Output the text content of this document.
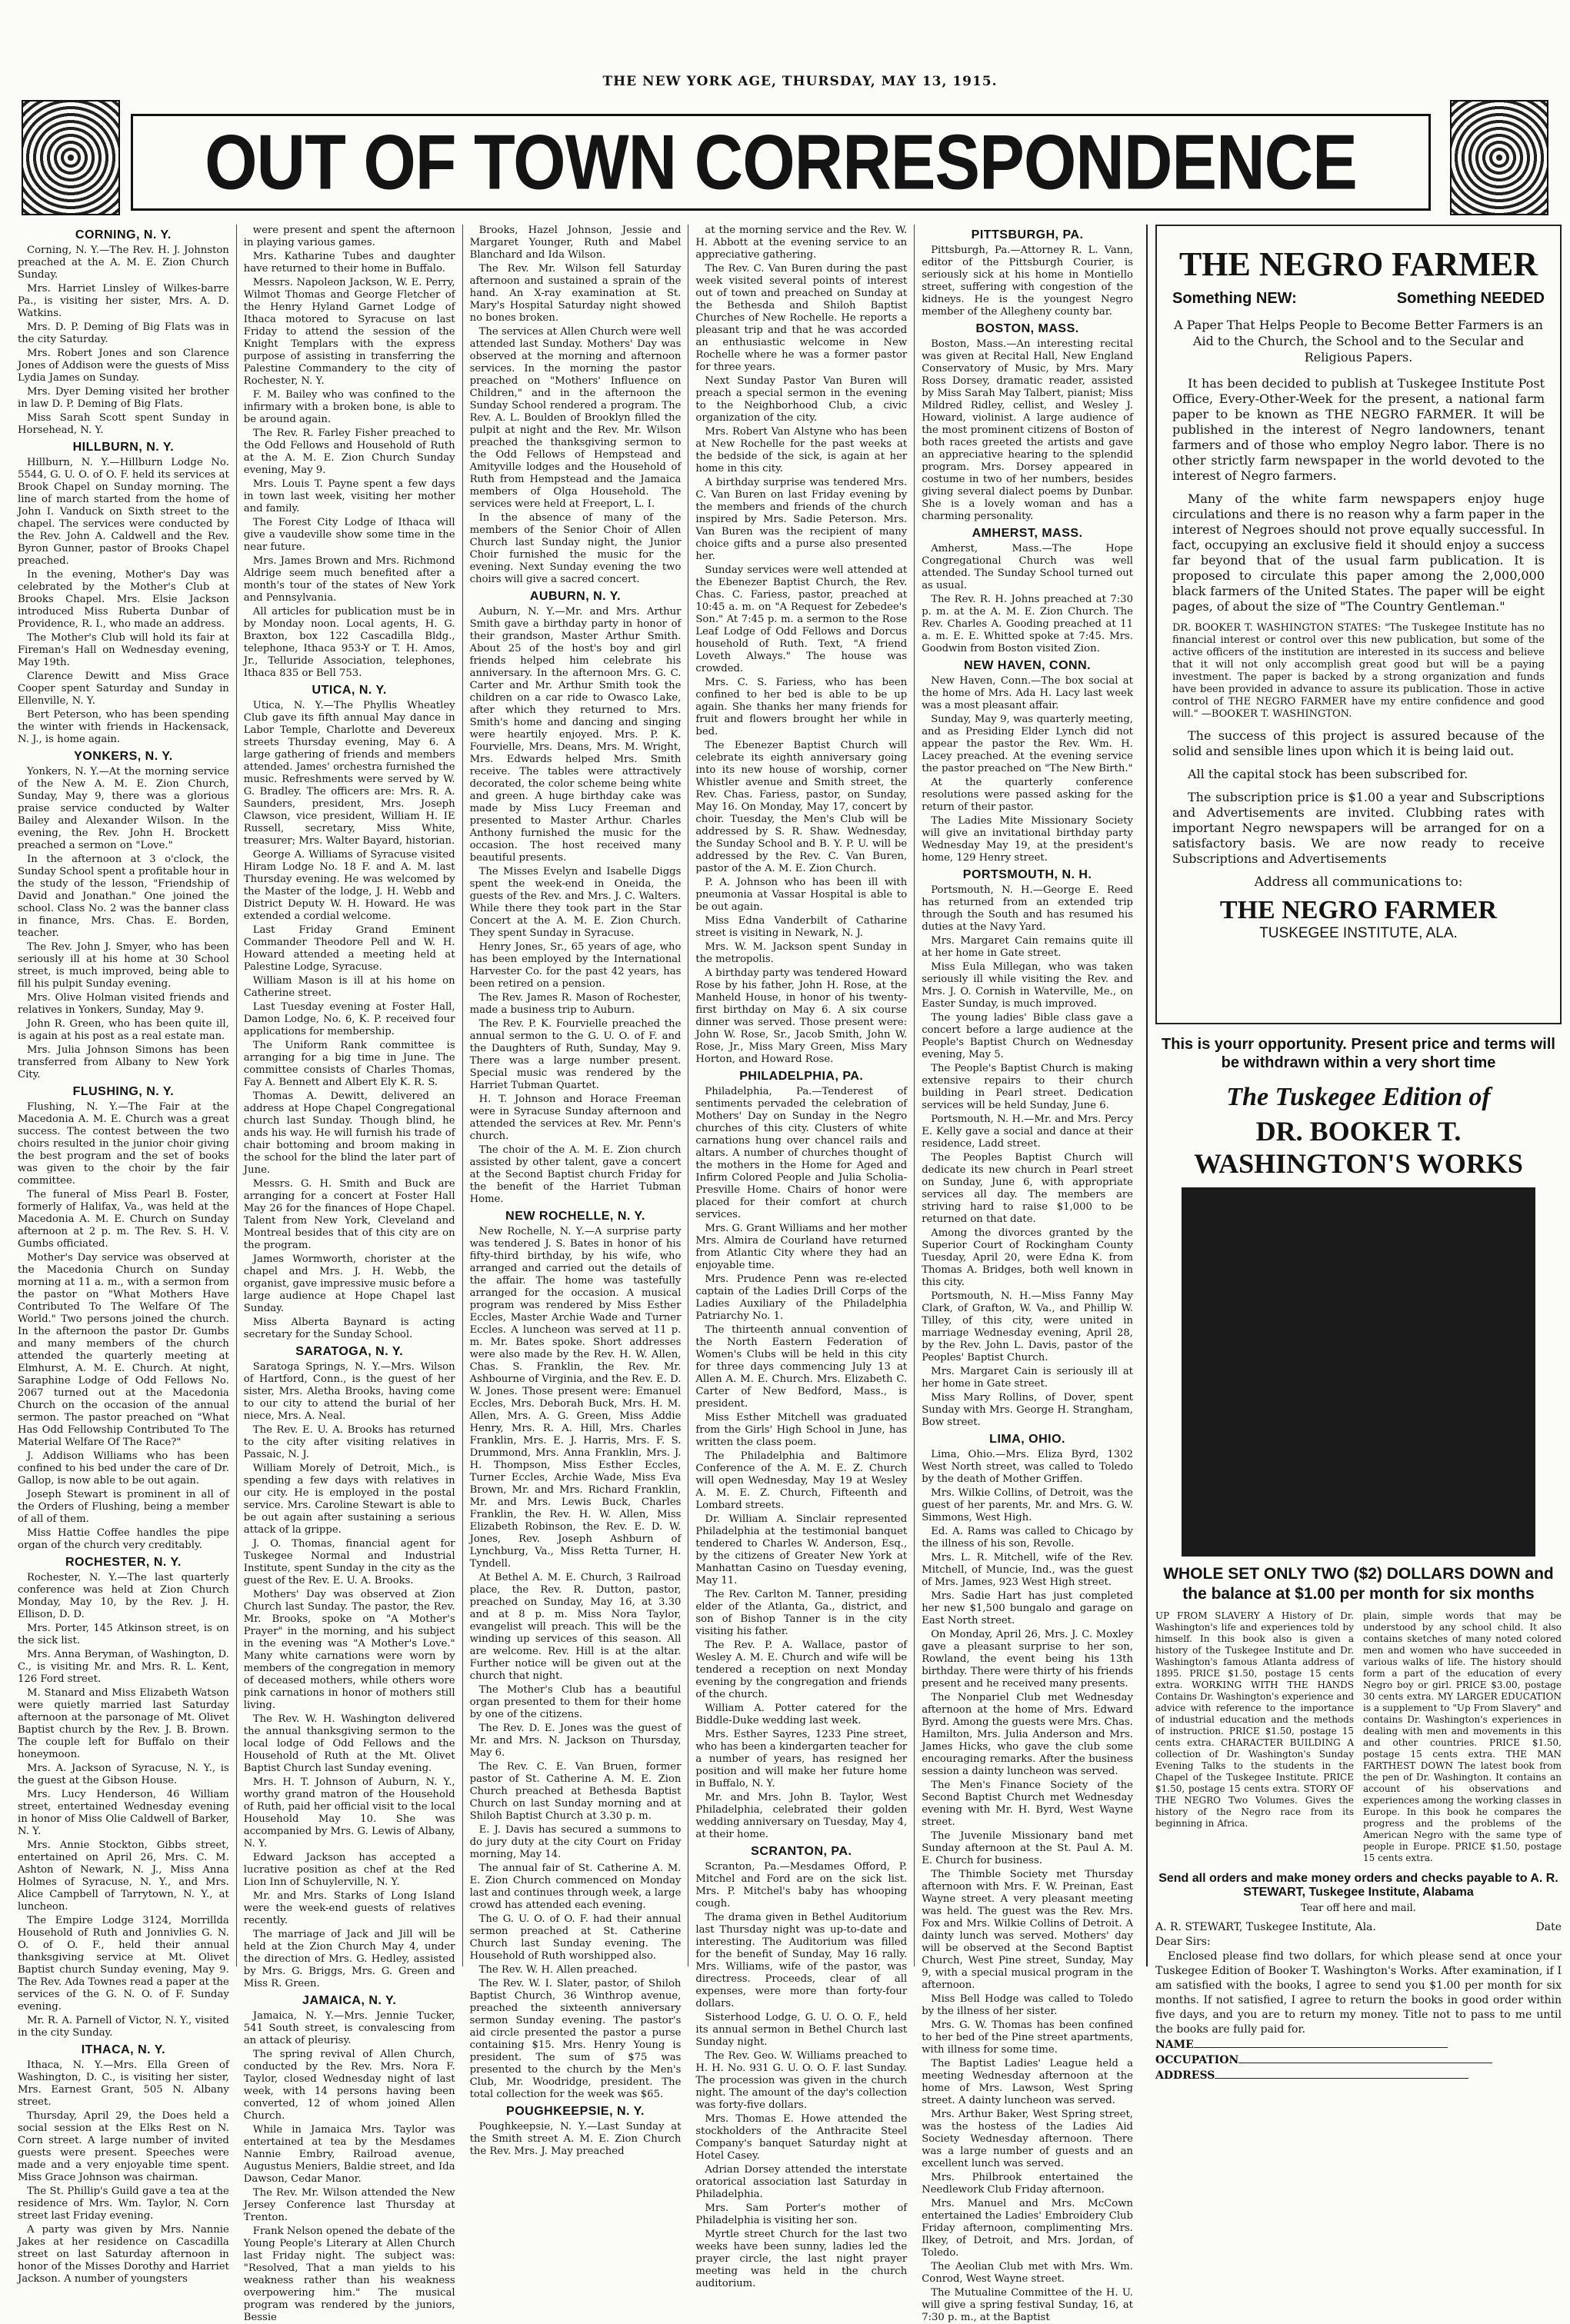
THE NEW YORK AGE, THURSDAY, MAY 13, 1915.
OUT OF TOWN CORRESPONDENCE
CORNING, N. Y.

Corning, N. Y.—The Rev. H. J. Johnston preached at the A. M. E. Zion Church Sunday.

Mrs. Harriet Linsley of Wilkes-barre Pa., is visiting her sister, Mrs. A. D. Watkins.

Mrs. D. P. Deming of Big Flats was in the city Saturday.

Mrs. Robert Jones and son Clarence Jones of Addison were the guests of Miss Lydia James on Sunday.

Mrs. Dyer Deming visited her brother in law D. P. Deming of Big Flats.

Miss Sarah Scott spent Sunday in Horsehead, N. Y.

HILLBURN, N. Y.

Hillburn, N. Y.—Hillburn Lodge No. 5544, G. U. O. of O. F. held its services at Brook Chapel on Sunday morning. The line of march started from the home of John I. Vanduck on Sixth street to the chapel. The services were conducted by the Rev. John A. Caldwell and the Rev. Byron Gunner, pastor of Brooks Chapel preached.

In the evening, Mother's Day was celebrated by the Mother's Club at Brooks Chapel. Mrs. Elsie Jackson introduced Miss Ruberta Dunbar of Providence, R. I., who made an address.

The Mother's Club will hold its fair at Fireman's Hall on Wednesday evening, May 19th.

Clarence Dewitt and Miss Grace Cooper spent Saturday and Sunday in Ellenville, N. Y.

Bert Peterson, who has been spending the winter with friends in Hackensack, N. J., is home again.

YONKERS, N. Y.

Yonkers, N. Y.—At the morning service of the New A. M. E. Zion Church, Sunday, May 9, there was a glorious praise service conducted by Walter Bailey and Alexander Wilson. In the evening, the Rev. John H. Brockett preached a sermon on "Love."

In the afternoon at 3 o'clock, the Sunday School spent a profitable hour in the study of the lesson, "Friendship of David and Jonathan." One joined the school. Class No. 2 was the banner class in finance, Mrs. Chas. E. Borden, teacher.

The Rev. John J. Smyer, who has been seriously ill at his home at 30 School street, is much improved, being able to fill his pulpit Sunday evening.

Mrs. Olive Holman visited friends and relatives in Yonkers, Sunday, May 9.

John R. Green, who has been quite ill, is again at his post as a real estate man.

Mrs. Julia Johnson Simons has been transferred from Albany to New York City.

FLUSHING, N. Y.

Flushing, N. Y.—The Fair at the Macedonia A. M. E. Church was a great success. The contest between the two choirs resulted in the junior choir giving the best program and the set of books was given to the choir by the fair committee.

The funeral of Miss Pearl B. Foster, formerly of Halifax, Va., was held at the Macedonia A. M. E. Church on Sunday afternoon at 2 p. m. The Rev. S. H. V. Gumbs officiated.

Mother's Day service was observed at the Macedonia Church on Sunday morning at 11 a. m., with a sermon from the pastor on "What Mothers Have Contributed To The Welfare Of The World." Two persons joined the church. In the afternoon the pastor Dr. Gumbs and many members of the church attended the quarterly meeting at Elmhurst, A. M. E. Church. At night, Saraphine Lodge of Odd Fellows No. 2067 turned out at the Macedonia Church on the occasion of the annual sermon. The pastor preached on "What Has Odd Fellowship Contributed To The Material Welfare Of The Race?"

J. Addison Williams who has been confined to his bed under the care of Dr. Gallop, is now able to be out again.

Joseph Stewart is prominent in all of the Orders of Flushing, being a member of all of them.

Miss Hattie Coffee handles the pipe organ of the church very creditably.

ROCHESTER, N. Y.

Rochester, N. Y.—The last quarterly conference was held at Zion Church Monday, May 10, by the Rev. J. H. Ellison, D. D.

Mrs. Porter, 145 Atkinson street, is on the sick list.

Mrs. Anna Beryman, of Washington, D. C., is visiting Mr. and Mrs. R. L. Kent, 126 Ford street.

M. Stanard and Miss Elizabeth Watson were quietly married last Saturday afternoon at the parsonage of Mt. Olivet Baptist church by the Rev. J. B. Brown. The couple left for Buffalo on their honeymoon.

Mrs. A. Jackson of Syracuse, N. Y., is the guest at the Gibson House.

Mrs. Lucy Henderson, 46 William street, entertained Wednesday evening in honor of Miss Olie Caldwell of Barker, N. Y.

Mrs. Annie Stockton, Gibbs street, entertained on April 26, Mrs. C. M. Ashton of Newark, N. J., Miss Anna Holmes of Syracuse, N. Y., and Mrs. Alice Campbell of Tarrytown, N. Y., at luncheon.

The Empire Lodge 3124, Morrillda Household of Ruth and Jonnivlies G. N. O. of O. F., held their annual thanksgiving service at Mt. Olivet Baptist church Sunday evening, May 9. The Rev. Ada Townes read a paper at the services of the G. N. O. of F. Sunday evening.

Mr. R. A. Parnell of Victor, N. Y., visited in the city Sunday.

ITHACA, N. Y.

Ithaca, N. Y.—Mrs. Ella Green of Washington, D. C., is visiting her sister, Mrs. Earnest Grant, 505 N. Albany street.

Thursday, April 29, the Does held a social session at the Elks Rest on N. Corn street. A large number of invited guests were present. Speeches were made and a very enjoyable time spent. Miss Grace Johnson was chairman.

The St. Phillip's Guild gave a tea at the residence of Mrs. Wm. Taylor, N. Corn street last Friday evening.

A party was given by Mrs. Nannie Jakes at her residence on Cascadilla street on last Saturday afternoon in honor of the Misses Dorothy and Harriet Jackson. A number of youngsters

were present and spent the afternoon in playing various games.

Mrs. Katharine Tubes and daughter have returned to their home in Buffalo.

Messrs. Napoleon Jackson, W. E. Perry, Wilmot Thomas and George Fletcher of the Henry Hyland Garnet Lodge of Ithaca motored to Syracuse on last Friday to attend the session of the Knight Templars with the express purpose of assisting in transferring the Palestine Commandery to the city of Rochester, N. Y.

F. M. Bailey who was confined to the infirmary with a broken bone, is able to be around again.

The Rev. R. Farley Fisher preached to the Odd Fellows and Household of Ruth at the A. M. E. Zion Church Sunday evening, May 9.

Mrs. Louis T. Payne spent a few days in town last week, visiting her mother and family.

The Forest City Lodge of Ithaca will give a vaudeville show some time in the near future.

Mrs. James Brown and Mrs. Richmond Aldrige seem much benefited after a month's tour of the states of New York and Pennsylvania.

All articles for publication must be in by Monday noon. Local agents, H. G. Braxton, box 122 Cascadilla Bldg., telephone, Ithaca 953-Y or T. H. Amos, Jr., Telluride Association, telephones, Ithaca 835 or Bell 753.

UTICA, N. Y.

Utica, N. Y.—The Phyllis Wheatley Club gave its fifth annual May dance in Labor Temple, Charlotte and Devereux streets Thursday evening, May 6. A large gathering of friends and members attended. James' orchestra furnished the music. Refreshments were served by W. G. Bradley. The officers are: Mrs. R. A. Saunders, president, Mrs. Joseph Clawson, vice president, William H. IE Russell, secretary, Miss White, treasurer; Mrs. Walter Bayard, historian.

George A. Williams of Syracuse visited Hiram Lodge No. 18 F. and A. M. last Thursday evening. He was welcomed by the Master of the lodge, J. H. Webb and District Deputy W. H. Howard. He was extended a cordial welcome.

Last Friday Grand Eminent Commander Theodore Pell and W. H. Howard attended a meeting held at Palestine Lodge, Syracuse.

William Mason is ill at his home on Catherine street.

Last Tuesday evening at Foster Hall, Damon Lodge, No. 6, K. P. received four applications for membership.

The Uniform Rank committee is arranging for a big time in June. The committee consists of Charles Thomas, Fay A. Bennett and Albert Ely K. R. S.

Thomas A. Dewitt, delivered an address at Hope Chapel Congregational church last Sunday. Though blind, he ands his way. He will furnish his trade of chair bottoming and broom making in the school for the blind the later part of June.

Messrs. G. H. Smith and Buck are arranging for a concert at Foster Hall May 26 for the finances of Hope Chapel. Talent from New York, Cleveland and Montreal besides that of this city are on the program.

James Wormworth, chorister at the chapel and Mrs. J. H. Webb, the organist, gave impressive music before a large audience at Hope Chapel last Sunday.

Miss Alberta Baynard is acting secretary for the Sunday School.

SARATOGA, N. Y.

Saratoga Springs, N. Y.—Mrs. Wilson of Hartford, Conn., is the guest of her sister, Mrs. Aletha Brooks, having come to our city to attend the burial of her niece, Mrs. A. Neal.

The Rev. E. U. A. Brooks has returned to the city after visiting relatives in Passaic, N. J.

William Morely of Detroit, Mich., is spending a few days with relatives in our city. He is employed in the postal service. Mrs. Caroline Stewart is able to be out again after sustaining a serious attack of la grippe.

J. O. Thomas, financial agent for Tuskegee Normal and Industrial Institute, spent Sunday in the city as the guest of the Rev. E. U. A. Brooks.

Mothers' Day was observed at Zion Church last Sunday. The pastor, the Rev. Mr. Brooks, spoke on "A Mother's Prayer" in the morning, and his subject in the evening was "A Mother's Love." Many white carnations were worn by members of the congregation in memory of deceased mothers, while others wore pink carnations in honor of mothers still living.

The Rev. W. H. Washington delivered the annual thanksgiving sermon to the local lodge of Odd Fellows and the Household of Ruth at the Mt. Olivet Baptist Church last Sunday evening.

Mrs. H. T. Johnson of Auburn, N. Y., worthy grand matron of the Household of Ruth, paid her official visit to the local Household May 10. She was accompanied by Mrs. G. Lewis of Albany, N. Y.

Edward Jackson has accepted a lucrative position as chef at the Red Lion Inn of Schuylerville, N. Y.

Mr. and Mrs. Starks of Long Island were the week-end guests of relatives recently.

The marriage of Jack and Jill will be held at the Zion Church May 4, under the direction of Mrs. G. Hedley, assisted by Mrs. G. Briggs, Mrs. G. Green and Miss R. Green.

JAMAICA, N. Y.

Jamaica, N. Y.—Mrs. Jennie Tucker, 541 South street, is convalescing from an attack of pleurisy.

The spring revival of Allen Church, conducted by the Rev. Mrs. Nora F. Taylor, closed Wednesday night of last week, with 14 persons having been converted, 12 of whom joined Allen Church.

While in Jamaica Mrs. Taylor was entertained at tea by the Mesdames Nannie Embry, Railroad avenue, Augustus Meniers, Baldie street, and Ida Dawson, Cedar Manor.

The Rev. Mr. Wilson attended the New Jersey Conference last Thursday at Trenton.

Frank Nelson opened the debate of the Young People's Literary at Allen Church last Friday night. The subject was: "Resolved, That a man yields to his weakness rather than his weakness overpowering him." The musical program was rendered by the juniors, Bessie

Brooks, Hazel Johnson, Jessie and Margaret Younger, Ruth and Mabel Blanchard and Ida Wilson.

The Rev. Mr. Wilson fell Saturday afternoon and sustained a sprain of the hand. An X-ray examination at St. Mary's Hospital Saturday night showed no bones broken.

The services at Allen Church were well attended last Sunday. Mothers' Day was observed at the morning and afternoon services. In the morning the pastor preached on "Mothers' Influence on Children," and in the afternoon the Sunday School rendered a program. The Rev. A. L. Boulden of Brooklyn filled the pulpit at night and the Rev. Mr. Wilson preached the thanksgiving sermon to the Odd Fellows of Hempstead and Amityville lodges and the Household of Ruth from Hempstead and the Jamaica members of Olga Household. The services were held at Freeport, L. I.

In the absence of many of the members of the Senior Choir of Allen Church last Sunday night, the Junior Choir furnished the music for the evening. Next Sunday evening the two choirs will give a sacred concert.

AUBURN, N. Y.

Auburn, N. Y.—Mr. and Mrs. Arthur Smith gave a birthday party in honor of their grandson, Master Arthur Smith. About 25 of the host's boy and girl friends helped him celebrate his anniversary. In the afternoon Mrs. G. C. Carter and Mr. Arthur Smith took the children on a car ride to Owasco Lake, after which they returned to Mrs. Smith's home and dancing and singing were heartily enjoyed. Mrs. P. K. Fourvielle, Mrs. Deans, Mrs. M. Wright, Mrs. Edwards helped Mrs. Smith receive. The tables were attractively decorated, the color scheme being white and green. A huge birthday cake was made by Miss Lucy Freeman and presented to Master Arthur. Charles Anthony furnished the music for the occasion. The host received many beautiful presents.

The Misses Evelyn and Isabelle Diggs spent the week-end in Oneida, the guests of the Rev. and Mrs. J. C. Walters. While there they took part in the Star Concert at the A. M. E. Zion Church. They spent Sunday in Syracuse.

Henry Jones, Sr., 65 years of age, who has been employed by the International Harvester Co. for the past 42 years, has been retired on a pension.

The Rev. James R. Mason of Rochester, made a business trip to Auburn.

The Rev. P. K. Fourvielle preached the annual sermon to the G. U. O. of F. and the Daughters of Ruth, Sunday, May 9. There was a large number present. Special music was rendered by the Harriet Tubman Quartet.

H. T. Johnson and Horace Freeman were in Syracuse Sunday afternoon and attended the services at Rev. Mr. Penn's church.

The choir of the A. M. E. Zion church assisted by other talent, gave a concert at the Second Baptist church Friday for the benefit of the Harriet Tubman Home.

NEW ROCHELLE, N. Y.

New Rochelle, N. Y.—A surprise party was tendered J. S. Bates in honor of his fifty-third birthday, by his wife, who arranged and carried out the details of the affair. The home was tastefully arranged for the occasion. A musical program was rendered by Miss Esther Eccles, Master Archie Wade and Turner Eccles. A luncheon was served at 11 p. m. Mr. Bates spoke. Short addresses were also made by the Rev. H. W. Allen, Chas. S. Franklin, the Rev. Mr. Ashbourne of Virginia, and the Rev. E. D. W. Jones. Those present were: Emanuel Eccles, Mrs. Deborah Buck, Mrs. H. M. Allen, Mrs. A. G. Green, Miss Addie Henry, Mrs. R. A. Hill, Mrs. Charles Franklin, Mrs. E. J. Harris, Mrs. F. S. Drummond, Mrs. Anna Franklin, Mrs. J. H. Thompson, Miss Esther Eccles, Turner Eccles, Archie Wade, Miss Eva Brown, Mr. and Mrs. Richard Franklin, Mr. and Mrs. Lewis Buck, Charles Franklin, the Rev. H. W. Allen, Miss Elizabeth Robinson, the Rev. E. D. W. Jones, Rev. Joseph Ashburn of Lynchburg, Va., Miss Retta Turner, H. Tyndell.

At Bethel A. M. E. Church, 3 Railroad place, the Rev. R. Dutton, pastor, preached on Sunday, May 16, at 3.30 and at 8 p. m. Miss Nora Taylor, evangelist will preach. This will be the winding up services of this season. All are welcome. Rev. Hill is at the altar. Further notice will be given out at the church that night.

The Mother's Club has a beautiful organ presented to them for their home by one of the citizens.

The Rev. D. E. Jones was the guest of Mr. and Mrs. N. Jackson on Thursday, May 6.

The Rev. C. E. Van Bruen, former pastor of St. Catherine A. M. E. Zion Church preached at Bethesda Baptist Church on last Sunday morning and at Shiloh Baptist Church at 3.30 p. m.

E. J. Davis has secured a summons to do jury duty at the city Court on Friday morning, May 14.

The annual fair of St. Catherine A. M. E. Zion Church commenced on Monday last and continues through week, a large crowd has attended each evening.

The G. U. O. of O. F. had their annual sermon preached at St. Catherine Church last Sunday evening. The Household of Ruth worshipped also.

The Rev. W. H. Allen preached.

The Rev. W. I. Slater, pastor, of Shiloh Baptist Church, 36 Winthrop avenue, preached the sixteenth anniversary sermon Sunday evening. The pastor's aid circle presented the pastor a purse containing $15. Mrs. Henry Young is president. The sum of $75 was presented to the church by the Men's Club, Mr. Woodridge, president. The total collection for the week was $65.

POUGHKEEPSIE, N. Y.

Poughkeepsie, N. Y.—Last Sunday at the Smith street A. M. E. Zion Church the Rev. Mrs. J. May preached

at the morning service and the Rev. W. H. Abbott at the evening service to an appreciative gathering.

The Rev. C. Van Buren during the past week visited several points of interest out of town and preached on Sunday at the Bethesda and Shiloh Baptist Churches of New Rochelle. He reports a pleasant trip and that he was accorded an enthusiastic welcome in New Rochelle where he was a former pastor for three years.

Next Sunday Pastor Van Buren will preach a special sermon in the evening to the Neighborhood Club, a civic organization of the city.

Mrs. Robert Van Alstyne who has been at New Rochelle for the past weeks at the bedside of the sick, is again at her home in this city.

A birthday surprise was tendered Mrs. C. Van Buren on last Friday evening by the members and friends of the church inspired by Mrs. Sadie Peterson. Mrs. Van Buren was the recipient of many choice gifts and a purse also presented her.

Sunday services were well attended at the Ebenezer Baptist Church, the Rev. Chas. C. Fariess, pastor, preached at 10:45 a. m. on "A Request for Zebedee's Son." At 7:45 p. m. a sermon to the Rose Leaf Lodge of Odd Fellows and Dorcus household of Ruth. Text, "A friend Loveth Always." The house was crowded.

Mrs. C. S. Fariess, who has been confined to her bed is able to be up again. She thanks her many friends for fruit and flowers brought her while in bed.

The Ebenezer Baptist Church will celebrate its eighth anniversary going into its new house of worship, corner Whistler avenue and Smith street, the Rev. Chas. Fariess, pastor, on Sunday, May 16. On Monday, May 17, concert by choir. Tuesday, the Men's Club will be addressed by S. R. Shaw. Wednesday, the Sunday School and B. Y. P. U. will be addressed by the Rev. C. Van Buren, pastor of the A. M. E. Zion Church.

P. A. Johnson who has been ill with pneumonia at Vassar Hospital is able to be out again.

Miss Edna Vanderbilt of Catharine street is visiting in Newark, N. J.

Mrs. W. M. Jackson spent Sunday in the metropolis.

A birthday party was tendered Howard Rose by his father, John H. Rose, at the Manheld House, in honor of his twenty-first birthday on May 6. A six course dinner was served. Those present were: John W. Rose, Sr., Jacob Smith, John W. Rose, Jr., Miss Mary Green, Miss Mary Horton, and Howard Rose.

PHILADELPHIA, PA.

Philadelphia, Pa.—Tenderest of sentiments pervaded the celebration of Mothers' Day on Sunday in the Negro churches of this city. Clusters of white carnations hung over chancel rails and altars. A number of churches thought of the mothers in the Home for Aged and Infirm Colored People and Julia Scholia-Presville Home. Chairs of honor were placed for their comfort at church services.

Mrs. G. Grant Williams and her mother Mrs. Almira de Courland have returned from Atlantic City where they had an enjoyable time.

Mrs. Prudence Penn was re-elected captain of the Ladies Drill Corps of the Ladies Auxiliary of the Philadelphia Patriarchy No. 1.

The thirteenth annual convention of the North Eastern Federation of Women's Clubs will be held in this city for three days commencing July 13 at Allen A. M. E. Church. Mrs. Elizabeth C. Carter of New Bedford, Mass., is president.

Miss Esther Mitchell was graduated from the Girls' High School in June, has written the class poem.

The Philadelphia and Baltimore Conference of the A. M. E. Z. Church will open Wednesday, May 19 at Wesley A. M. E. Z. Church, Fifteenth and Lombard streets.

Dr. William A. Sinclair represented Philadelphia at the testimonial banquet tendered to Charles W. Anderson, Esq., by the citizens of Greater New York at Manhattan Casino on Tuesday evening, May 11.

The Rev. Carlton M. Tanner, presiding elder of the Atlanta, Ga., district, and son of Bishop Tanner is in the city visiting his father.

The Rev. P. A. Wallace, pastor of Wesley A. M. E. Church and wife will be tendered a reception on next Monday evening by the congregation and friends of the church.

William A. Potter catered for the Biddle-Duke wedding last week.

Mrs. Esther Sayres, 1233 Pine street, who has been a kindergarten teacher for a number of years, has resigned her position and will make her future home in Buffalo, N. Y.

Mr. and Mrs. John B. Taylor, West Philadelphia, celebrated their golden wedding anniversary on Tuesday, May 4, at their home.

SCRANTON, PA.

Scranton, Pa.—Mesdames Offord, P. Mitchel and Ford are on the sick list. Mrs. P. Mitchel's baby has whooping cough.

The drama given in Bethel Auditorium last Thursday night was up-to-date and interesting. The Auditorium was filled for the benefit of Sunday, May 16 rally. Mrs. Williams, wife of the pastor, was directress. Proceeds, clear of all expenses, were more than forty-four dollars.

Sisterhood Lodge, G. U. O. O. F., held its annual sermon in Bethel Church last Sunday night.

The Rev. Geo. W. Williams preached to H. H. No. 931 G. U. O. O. F. last Sunday. The procession was given in the church night. The amount of the day's collection was forty-five dollars.

Mrs. Thomas E. Howe attended the stockholders of the Anthracite Steel Company's banquet Saturday night at Hotel Casey.

Adrian Dorsey attended the interstate oratorical association last Saturday in Philadelphia.

Mrs. Sam Porter's mother of Philadelphia is visiting her son.

Myrtle street Church for the last two weeks have been sunny, ladies led the prayer circle, the last night prayer meeting was held in the church auditorium.

PITTSBURGH, PA.

Pittsburgh, Pa.—Attorney R. L. Vann, editor of the Pittsburgh Courier, is seriously sick at his home in Montiello street, suffering with congestion of the kidneys. He is the youngest Negro member of the Allegheny county bar.

BOSTON, MASS.

Boston, Mass.—An interesting recital was given at Recital Hall, New England Conservatory of Music, by Mrs. Mary Ross Dorsey, dramatic reader, assisted by Miss Sarah May Talbert, pianist; Miss Mildred Ridley, cellist, and Wesley J. Howard, violinist. A large audience of the most prominent citizens of Boston of both races greeted the artists and gave an appreciative hearing to the splendid program. Mrs. Dorsey appeared in costume in two of her numbers, besides giving several dialect poems by Dunbar. She is a lovely woman and has a charming personality.

AMHERST, MASS.

Amherst, Mass.—The Hope Congregational Church was well attended. The Sunday School turned out as usual.

The Rev. R. H. Johns preached at 7:30 p. m. at the A. M. E. Zion Church. The Rev. Charles A. Gooding preached at 11 a. m. E. E. Whitted spoke at 7:45. Mrs. Goodwin from Boston visited Zion.

NEW HAVEN, CONN.

New Haven, Conn.—The box social at the home of Mrs. Ada H. Lacy last week was a most pleasant affair.

Sunday, May 9, was quarterly meeting, and as Presiding Elder Lynch did not appear the pastor the Rev. Wm. H. Lacey preached. At the evening service the pastor preached on "The New Birth."

At the quarterly conference resolutions were passed asking for the return of their pastor.

The Ladies Mite Missionary Society will give an invitational birthday party Wednesday May 19, at the president's home, 129 Henry street.

PORTSMOUTH, N. H.

Portsmouth, N. H.—George E. Reed has returned from an extended trip through the South and has resumed his duties at the Navy Yard.

Mrs. Margaret Cain remains quite ill at her home in Gate street.

Miss Eula Millegan, who was taken seriously ill while visiting the Rev. and Mrs. J. O. Cornish in Waterville, Me., on Easter Sunday, is much improved.

The young ladies' Bible class gave a concert before a large audience at the People's Baptist Church on Wednesday evening, May 5.

The People's Baptist Church is making extensive repairs to their church building in Pearl street. Dedication services will be held Sunday, June 6.

Portsmouth, N. H.—Mr. and Mrs. Percy E. Kelly gave a social and dance at their residence, Ladd street.

The Peoples Baptist Church will dedicate its new church in Pearl street on Sunday, June 6, with appropriate services all day. The members are striving hard to raise $1,000 to be returned on that date.

Among the divorces granted by the Superior Court of Rockingham County Tuesday, April 20, were Edna K. from Thomas A. Bridges, both well known in this city.

Portsmouth, N. H.—Miss Fanny May Clark, of Grafton, W. Va., and Phillip W. Tilley, of this city, were united in marriage Wednesday evening, April 28, by the Rev. John L. Davis, pastor of the Peoples' Baptist Church.

Mrs. Margaret Cain is seriously ill at her home in Gate street.

Miss Mary Rollins, of Dover, spent Sunday with Mrs. George H. Strangham, Bow street.

LIMA, OHIO.

Lima, Ohio.—Mrs. Eliza Byrd, 1302 West North street, was called to Toledo by the death of Mother Griffen.

Mrs. Wilkie Collins, of Detroit, was the guest of her parents, Mr. and Mrs. G. W. Simmons, West High.

Ed. A. Rams was called to Chicago by the illness of his son, Revolle.

Mrs. L. R. Mitchell, wife of the Rev. Mitchell, of Muncie, Ind., was the guest of Mrs. James, 923 West High street.

Mrs. Sadie Hart has just completed her new $1,500 bungalo and garage on East North street.

On Monday, April 26, Mrs. J. C. Moxley gave a pleasant surprise to her son, Rowland, the event being his 13th birthday. There were thirty of his friends present and he received many presents.

The Nonpariel Club met Wednesday afternoon at the home of Mrs. Edward Byrd. Among the guests were Mrs. Chas. Hamilton, Mrs. Julia Anderson and Mrs. James Hicks, who gave the club some encouraging remarks. After the business session a dainty luncheon was served.

The Men's Finance Society of the Second Baptist Church met Wednesday evening with Mr. H. Byrd, West Wayne street.

The Juvenile Missionary band met Sunday afternoon at the St. Paul A. M. E. Church for business.

The Thimble Society met Thursday afternoon with Mrs. F. W. Preinan, East Wayne street. A very pleasant meeting was held. The guest was the Rev. Mrs. Fox and Mrs. Wilkie Collins of Detroit. A dainty lunch was served. Mothers' day will be observed at the Second Baptist Church, West Pine street, Sunday, May 9, with a special musical program in the afternoon.

Miss Bell Hodge was called to Toledo by the illness of her sister.

Mrs. G. W. Thomas has been confined to her bed of the Pine street apartments, with illness for some time.

The Baptist Ladies' League held a meeting Wednesday afternoon at the home of Mrs. Lawson, West Spring street. A dainty luncheon was served.

Mrs. Arthur Baker, West Spring street, was the hostess of the Ladies Aid Society Wednesday afternoon. There was a large number of guests and an excellent lunch was served.

Mrs. Philbrook entertained the Needlework Club Friday afternoon.

Mrs. Manuel and Mrs. McCown entertained the Ladies' Embroidery Club Friday afternoon, complimenting Mrs. Ilkey, of Detroit, and Mrs. Jordan, of Toledo.

The Aeolian Club met with Mrs. Wm. Conrod, West Wayne street.

The Mutualine Committee of the H. U. will give a spring festival Sunday, 16, at 7:30 p. m., at the Baptist

THE NEGRO FARMER
Something NEW:	Something NEEDED
A Paper That Helps People to Become Better Farmers is an Aid to the Church, the School and to the Secular and Religious Papers.

It has been decided to publish at Tuskegee Institute Post Office, Every-Other-Week for the present, a national farm paper to be known as THE NEGRO FARMER. It will be published in the interest of Negro landowners, tenant farmers and of those who employ Negro labor. There is no other strictly farm newspaper in the world devoted to the interest of Negro farmers.

Many of the white farm newspapers enjoy huge circulations and there is no reason why a farm paper in the interest of Negroes should not prove equally successful. In fact, occupying an exclusive field it should enjoy a success far beyond that of the usual farm publication. It is proposed to circulate this paper among the 2,000,000 black farmers of the United States. The paper will be eight pages, of about the size of "The Country Gentleman."

DR. BOOKER T. WASHINGTON STATES: "The Tuskegee Institute has no financial interest or control over this new publication, but some of the active officers of the institution are interested in its success and believe that it will not only accomplish great good but will be a paying investment. The paper is backed by a strong organization and funds have been provided in advance to assure its publication. Those in active control of THE NEGRO FARMER have my entire confidence and good will." —BOOKER T. WASHINGTON.

The success of this project is assured because of the solid and sensible lines upon which it is being laid out.

All the capital stock has been subscribed for.

The subscription price is $1.00 a year and Subscriptions and Advertisements are invited. Clubbing rates with important Negro newspapers will be arranged for on a satisfactory basis. We are now ready to receive Subscriptions and Advertisements

Address all communications to:
THE NEGRO FARMER
TUSKEGEE INSTITUTE, ALA.
This is yourr opportunity. Present price and terms will be withdrawn within a very short time
The Tuskegee Edition of
DR. BOOKER T. WASHINGTON'S WORKS
WHOLE SET ONLY TWO ($2) DOLLARS DOWN and the balance at $1.00 per month for six months
UP FROM SLAVERY A History of Dr. Washington's life and experiences told by himself. In this book also is given a history of the Tuskegee Institute and Dr. Washington's famous Atlanta address of 1895. PRICE $1.50, postage 15 cents extra. WORKING WITH THE HANDS Contains Dr. Washington's experience and advice with reference to the importance of industrial education and the methods of instruction. PRICE $1.50, postage 15 cents extra. CHARACTER BUILDING A collection of Dr. Washington's Sunday Evening Talks to the students in the Chapel of the Tuskegee Institute. PRICE $1.50, postage 15 cents extra. STORY OF THE NEGRO Two Volumes. Gives the history of the Negro race from its beginning in Africa.
plain, simple words that may be understood by any school child. It also contains sketches of many noted colored men and women who have succeeded in various walks of life. The history should form a part of the education of every Negro boy or girl. PRICE $3.00, postage 30 cents extra. MY LARGER EDUCATION is a supplement to "Up From Slavery" and contains Dr. Washington's experiences in dealing with men and movements in this and other countries. PRICE $1.50, postage 15 cents extra. THE MAN FARTHEST DOWN The latest book from the pen of Dr. Washington. It contains an account of his observations and experiences among the working classes in Europe. In this book he compares the progress and the problems of the American Negro with the same type of people in Europe. PRICE $1.50, postage 15 cents extra.
Send all orders and make money orders and checks payable to A. R. STEWART, Tuskegee Institute, Alabama
Tear off here and mail.
A. R. STEWART, Tuskegee Institute, Ala.	Date
Dear Sirs:
Enclosed please find two dollars, for which please send at once your Tuskegee Edition of Booker T. Washington's Works. After examination, if I am satisfied with the books, I agree to send you $1.00 per month for six months. If not satisfied, I agree to return the books in good order within five days, and you are to return my money. Title not to pass to me until the books are fully paid for.
NAME
OCCUPATION
ADDRESS
